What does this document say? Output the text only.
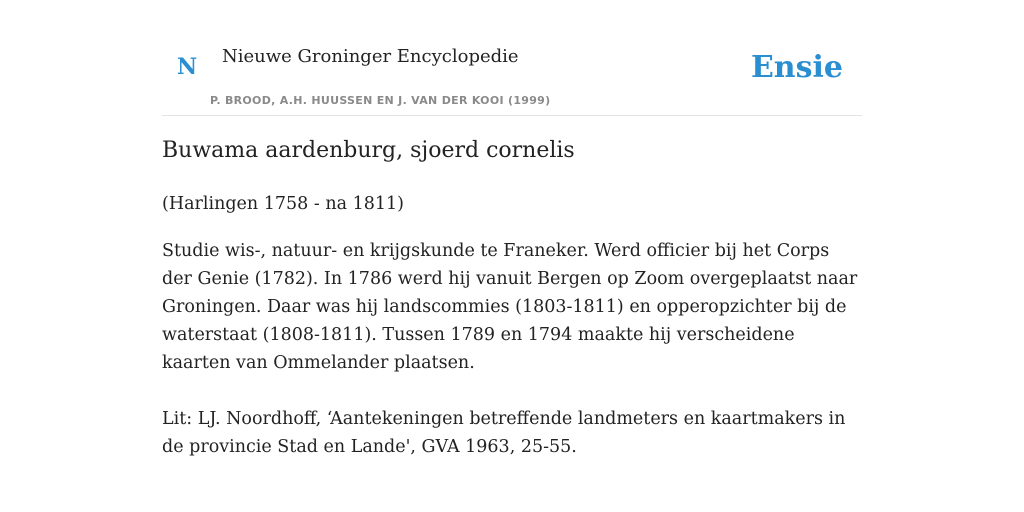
N Nieuwe Groninger Encyclopedie
P. BROOD, A.H. HUUSSEN EN J. VAN DER KOOI (1999)
Ensie
Buwama aardenburg, sjoerd cornelis

(Harlingen 1758 - na 1811)

Studie wis-, natuur- en krijgskunde te Franeker. Werd officier bij het Corps der Genie (1782). In 1786 werd hij vanuit Bergen op Zoom overgeplaatst naar Groningen. Daar was hij landscommies (1803-1811) en opperopzichter bij de waterstaat (1808-1811). Tussen 1789 en 1794 maakte hij verscheidene kaarten van Ommelander plaatsen.

Lit: LJ. Noordhoff, ‘Aantekeningen betreffende landmeters en kaartmakers in de provincie Stad en Lande', GVA 1963, 25-55.
